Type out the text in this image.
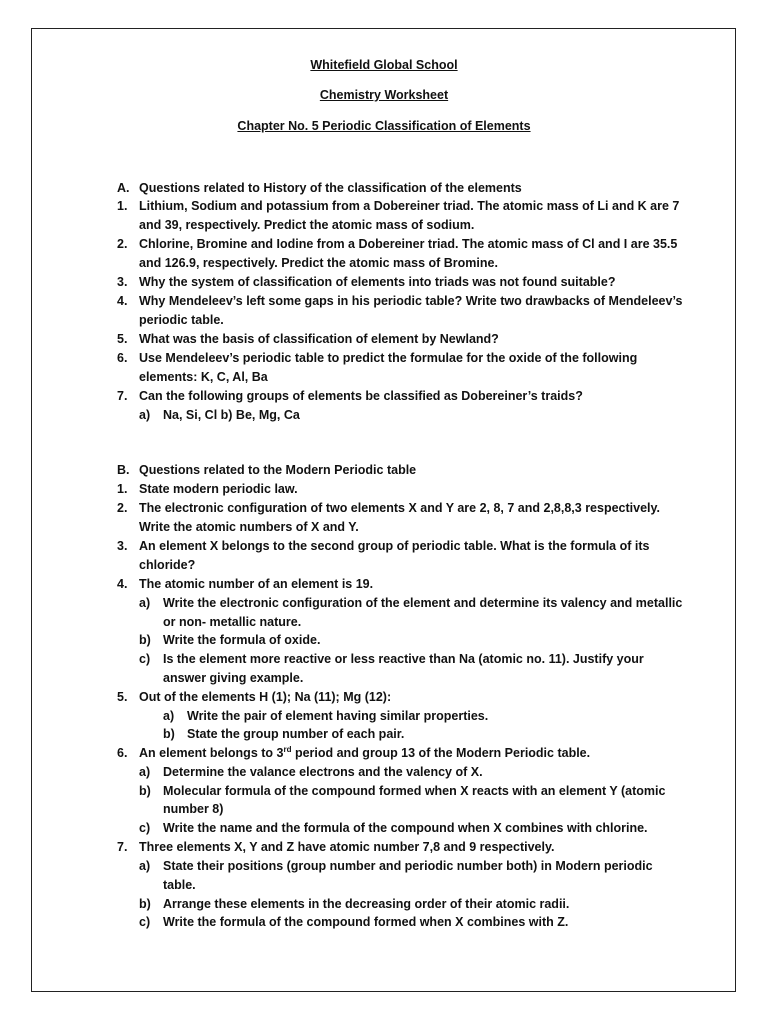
Whitefield Global School
Chemistry Worksheet
Chapter No. 5 Periodic Classification of Elements
A. Questions related to History of the classification of the elements
1. Lithium, Sodium and potassium from a Dobereiner triad. The atomic mass of Li and K are 7
and 39, respectively. Predict the atomic mass of sodium.
2. Chlorine, Bromine and Iodine from a Dobereiner triad. The atomic mass of Cl and I are 35.5
and 126.9, respectively. Predict the atomic mass of Bromine.
3. Why the system of classification of elements into triads was not found suitable?
4. Why Mendeleev’s left some gaps in his periodic table? Write two drawbacks of Mendeleev’s
periodic table.
5. What was the basis of classification of element by Newland?
6. Use Mendeleev’s periodic table to predict the formulae for the oxide of the following
elements: K, C, Al, Ba
7. Can the following groups of elements be classified as Dobereiner’s traids?
a) Na, Si, Cl b) Be, Mg, Ca
B. Questions related to the Modern Periodic table
1. State modern periodic law.
2. The electronic configuration of two elements X and Y are 2, 8, 7 and 2,8,8,3 respectively.
Write the atomic numbers of X and Y.
3. An element X belongs to the second group of periodic table. What is the formula of its
chloride?
4. The atomic number of an element is 19.
a) Write the electronic configuration of the element and determine its valency and metallic
or non- metallic nature.
b) Write the formula of oxide.
c) Is the element more reactive or less reactive than Na (atomic no. 11). Justify your
answer giving example.
5. Out of the elements H (1); Na (11); Mg (12):
a) Write the pair of element having similar properties.
b) State the group number of each pair.
6. An element belongs to 3rd period and group 13 of the Modern Periodic table.
a) Determine the valance electrons and the valency of X.
b) Molecular formula of the compound formed when X reacts with an element Y (atomic
number 8)
c) Write the name and the formula of the compound when X combines with chlorine.
7. Three elements X, Y and Z have atomic number 7,8 and 9 respectively.
a) State their positions (group number and periodic number both) in Modern periodic
table.
b) Arrange these elements in the decreasing order of their atomic radii.
c) Write the formula of the compound formed when X combines with Z.
